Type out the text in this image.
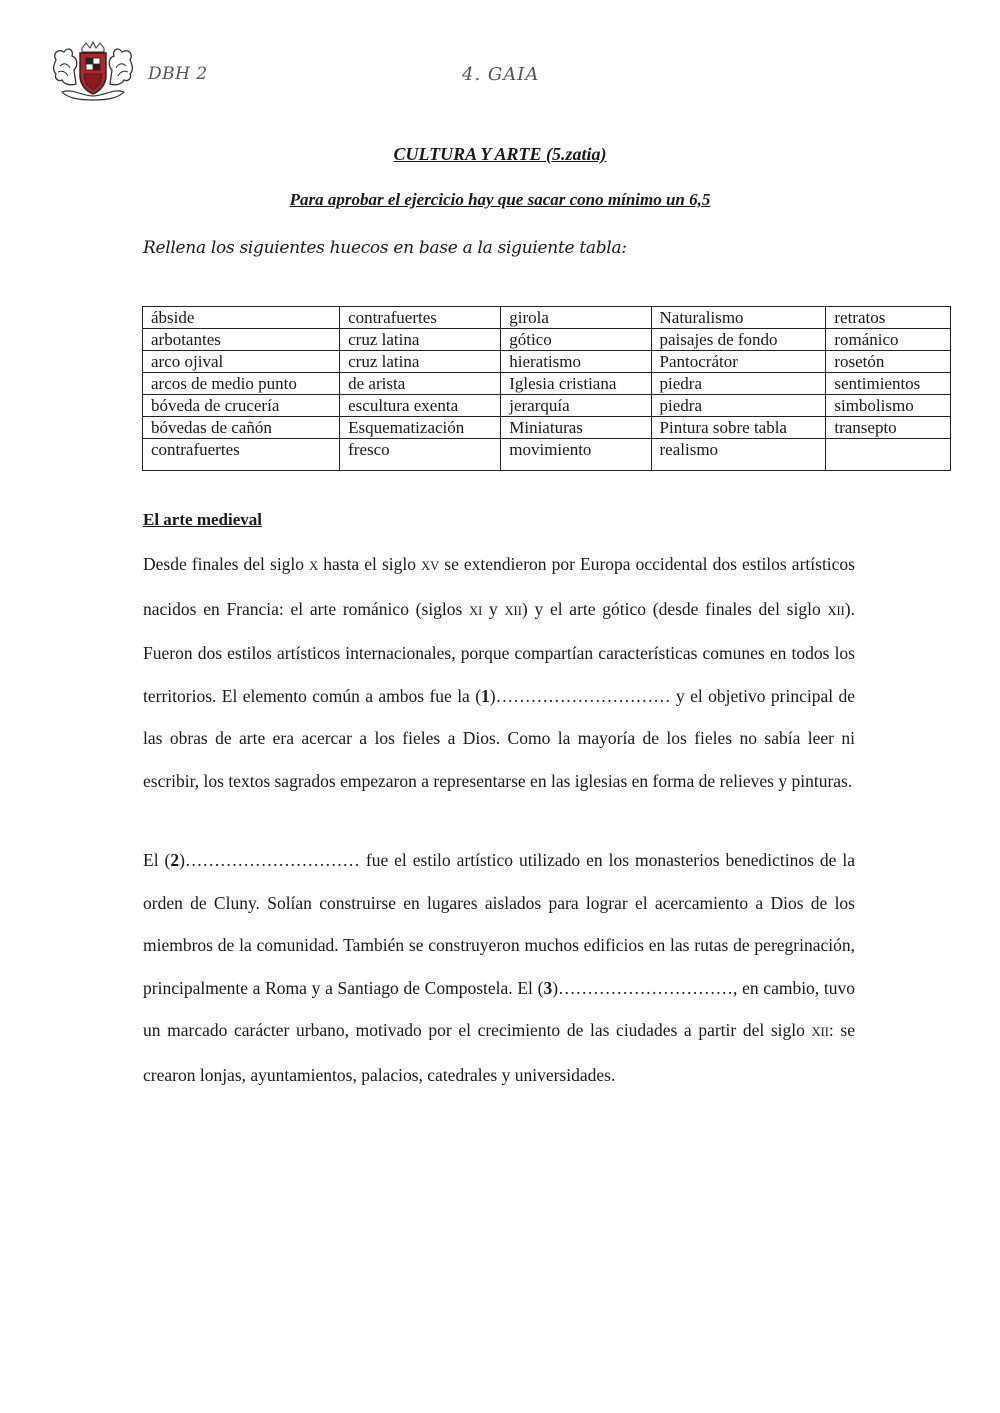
DBH 2	4. GAIA
CULTURA Y ARTE (5.zatia)
Para aprobar el ejercicio hay que sacar cono mínimo un 6,5
Rellena los siguientes huecos en base a la siguiente tabla:
ábside	contrafuertes	girola	Naturalismo	retratos
arbotantes	cruz latina	gótico	paisajes de fondo	románico
arco ojival	cruz latina	hieratismo	Pantocrátor	rosetón
arcos de medio punto	de arista	Iglesia cristiana	piedra	sentimientos
bóveda de crucería	escultura exenta	jerarquía	piedra	simbolismo
bóvedas de cañón	Esquematización	Miniaturas	Pintura sobre tabla	transepto
contrafuertes	fresco	movimiento	realismo	
El arte medieval
Desde finales del siglo X hasta el siglo XV se extendieron por Europa occidental dos estilos artísticos nacidos en Francia: el arte románico (siglos XI y XII) y el arte gótico (desde finales del siglo XII). Fueron dos estilos artísticos internacionales, porque compartían características comunes en todos los territorios. El elemento común a ambos fue la (1)………………………… y el objetivo principal de las obras de arte era acercar a los fieles a Dios. Como la mayoría de los fieles no sabía leer ni escribir, los textos sagrados empezaron a representarse en las iglesias en forma de relieves y pinturas.
El (2)………………………… fue el estilo artístico utilizado en los monasterios benedictinos de la orden de Cluny. Solían construirse en lugares aislados para lograr el acercamiento a Dios de los miembros de la comunidad. También se construyeron muchos edificios en las rutas de peregrinación, principalmente a Roma y a Santiago de Compostela. El (3)…………………………, en cambio, tuvo un marcado carácter urbano, motivado por el crecimiento de las ciudades a partir del siglo XII: se crearon lonjas, ayuntamientos, palacios, catedrales y universidades.
